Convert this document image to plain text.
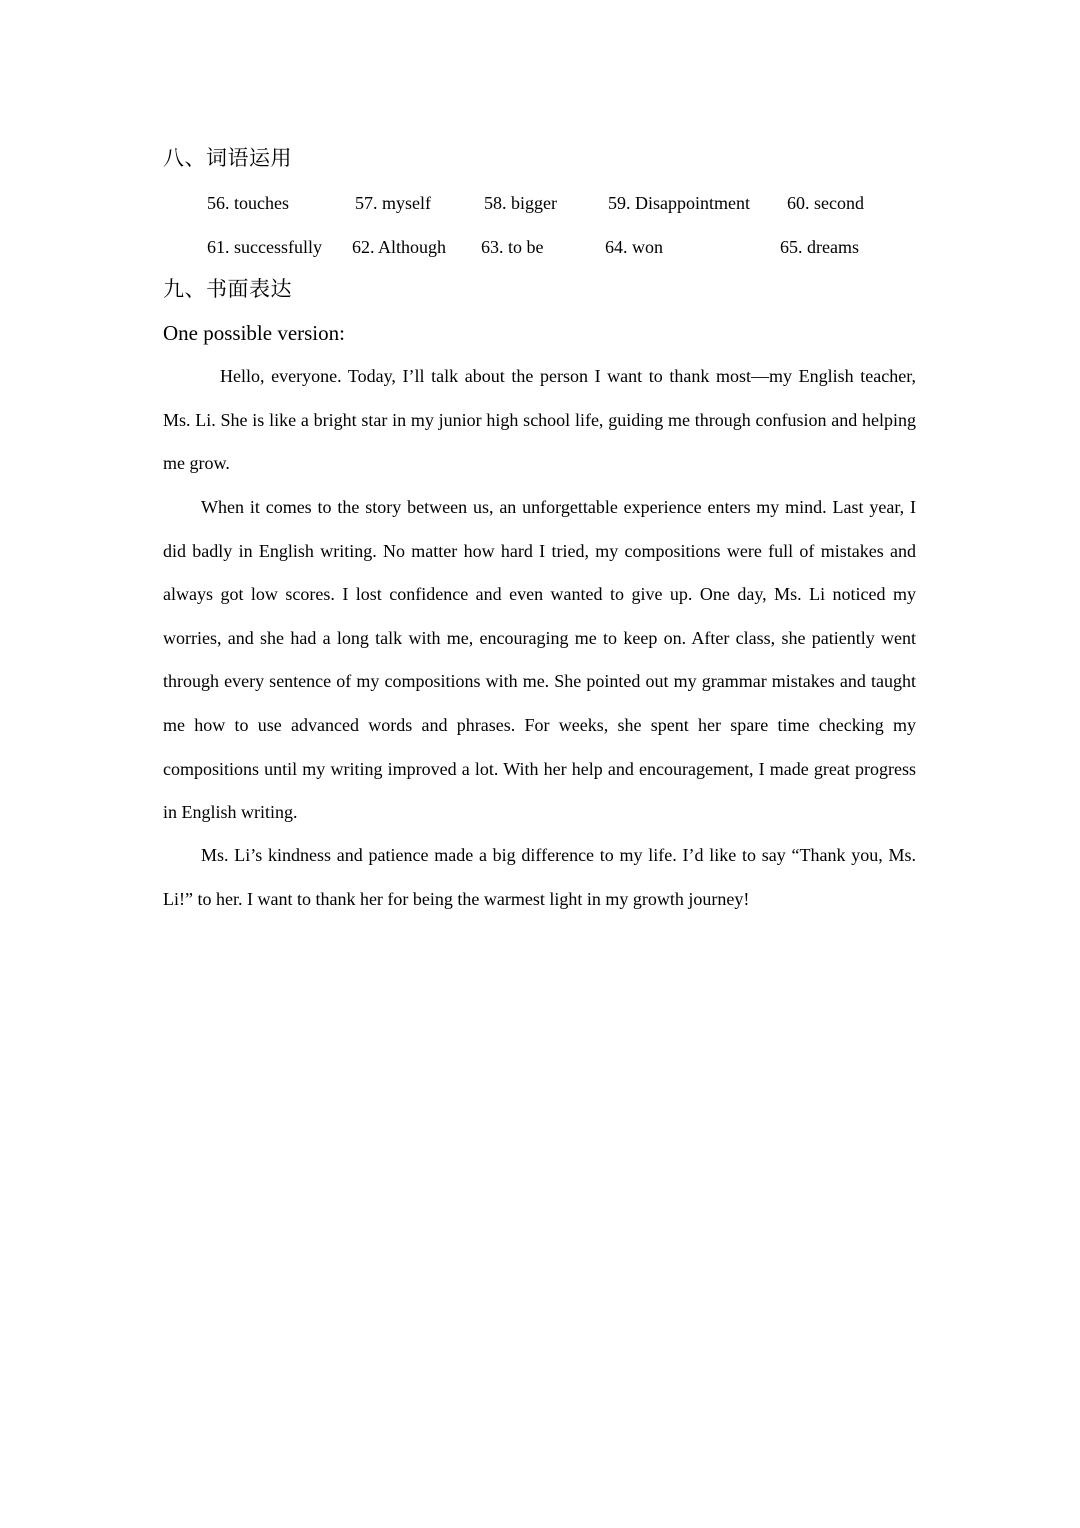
八、词语运用
56. touches	57. myself	58. bigger	59. Disappointment 60. second
61. successfully 62. Although 63. to be	64. won	65. dreams
九、书面表达
One possible version:

Hello, everyone. Today, I’ll talk about the person I want to thank most—my English teacher, Ms. Li. She is like a bright star in my junior high school life, guiding me through confusion and helping me grow.

When it comes to the story between us, an unforgettable experience enters my mind. Last year, I did badly in English writing. No matter how hard I tried, my compositions were full of mistakes and always got low scores. I lost confidence and even wanted to give up. One day, Ms. Li noticed my worries, and she had a long talk with me, encouraging me to keep on. After class, she patiently went through every sentence of my compositions with me. She pointed out my grammar mistakes and taught me how to use advanced words and phrases. For weeks, she spent her spare time checking my compositions until my writing improved a lot. With her help and encouragement, I made great progress in English writing.

Ms. Li’s kindness and patience made a big difference to my life. I’d like to say “Thank you, Ms. Li!” to her. I want to thank her for being the warmest light in my growth journey!
